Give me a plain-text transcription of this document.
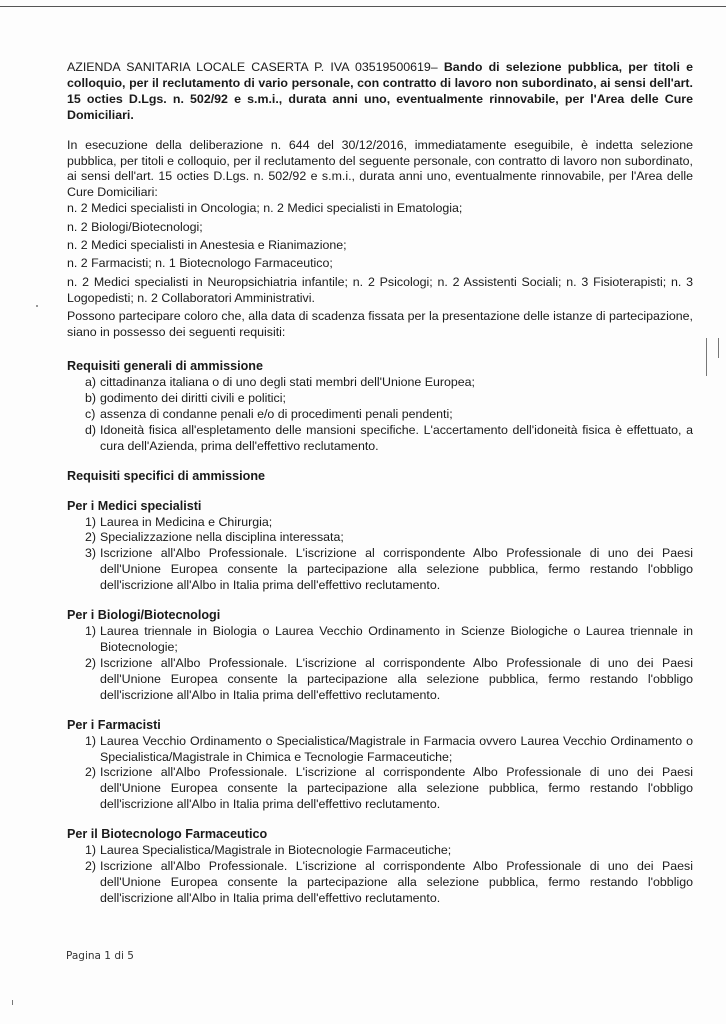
AZIENDA SANITARIA LOCALE CASERTA P. IVA 03519500619– Bando di selezione pubblica, per titoli e colloquio, per il reclutamento di vario personale, con contratto di lavoro non subordinato, ai sensi dell'art. 15 octies D.Lgs. n. 502/92 e s.m.i., durata anni uno, eventualmente rinnovabile, per l'Area delle Cure Domiciliari.

In esecuzione della deliberazione n. 644 del 30/12/2016, immediatamente eseguibile, è indetta selezione pubblica, per titoli e colloquio, per il reclutamento del seguente personale, con contratto di lavoro non subordinato, ai sensi dell'art. 15 octies D.Lgs. n. 502/92 e s.m.i., durata anni uno, eventualmente rinnovabile, per l'Area delle Cure Domiciliari:

n. 2 Medici specialisti in Oncologia; n. 2 Medici specialisti in Ematologia;

n. 2 Biologi/Biotecnologi;

n. 2 Medici specialisti in Anestesia e Rianimazione;

n. 2 Farmacisti; n. 1 Biotecnologo Farmaceutico;

n. 2 Medici specialisti in Neuropsichiatria infantile; n. 2 Psicologi; n. 2 Assistenti Sociali; n. 3 Fisioterapisti; n. 3 Logopedisti; n. 2 Collaboratori Amministrativi.

Possono partecipare coloro che, alla data di scadenza fissata per la presentazione delle istanze di partecipazione, siano in possesso dei seguenti requisiti:

Requisiti generali di ammissione
a) cittadinanza italiana o di uno degli stati membri dell'Unione Europea;
b) godimento dei diritti civili e politici;
c) assenza di condanne penali e/o di procedimenti penali pendenti;
d) Idoneità fisica all'espletamento delle mansioni specifiche. L'accertamento dell'idoneità fisica è effettuato, a cura dell'Azienda, prima dell'effettivo reclutamento.
Requisiti specifici di ammissione
Per i Medici specialisti
1) Laurea in Medicina e Chirurgia;
2) Specializzazione nella disciplina interessata;
3) Iscrizione all'Albo Professionale. L'iscrizione al corrispondente Albo Professionale di uno dei Paesi dell'Unione Europea consente la partecipazione alla selezione pubblica, fermo restando l'obbligo dell'iscrizione all'Albo in Italia prima dell'effettivo reclutamento.
Per i Biologi/Biotecnologi
1) Laurea triennale in Biologia o Laurea Vecchio Ordinamento in Scienze Biologiche o Laurea triennale in Biotecnologie;
2) Iscrizione all'Albo Professionale. L'iscrizione al corrispondente Albo Professionale di uno dei Paesi dell'Unione Europea consente la partecipazione alla selezione pubblica, fermo restando l'obbligo dell'iscrizione all'Albo in Italia prima dell'effettivo reclutamento.
Per i Farmacisti
1) Laurea Vecchio Ordinamento o Specialistica/Magistrale in Farmacia ovvero Laurea Vecchio Ordinamento o Specialistica/Magistrale in Chimica e Tecnologie Farmaceutiche;
2) Iscrizione all'Albo Professionale. L'iscrizione al corrispondente Albo Professionale di uno dei Paesi dell'Unione Europea consente la partecipazione alla selezione pubblica, fermo restando l'obbligo dell'iscrizione all'Albo in Italia prima dell'effettivo reclutamento.
Per il Biotecnologo Farmaceutico
1) Laurea Specialistica/Magistrale in Biotecnologie Farmaceutiche;
2) Iscrizione all'Albo Professionale. L'iscrizione al corrispondente Albo Professionale di uno dei Paesi dell'Unione Europea consente la partecipazione alla selezione pubblica, fermo restando l'obbligo dell'iscrizione all'Albo in Italia prima dell'effettivo reclutamento.
Pagina 1 di 5
